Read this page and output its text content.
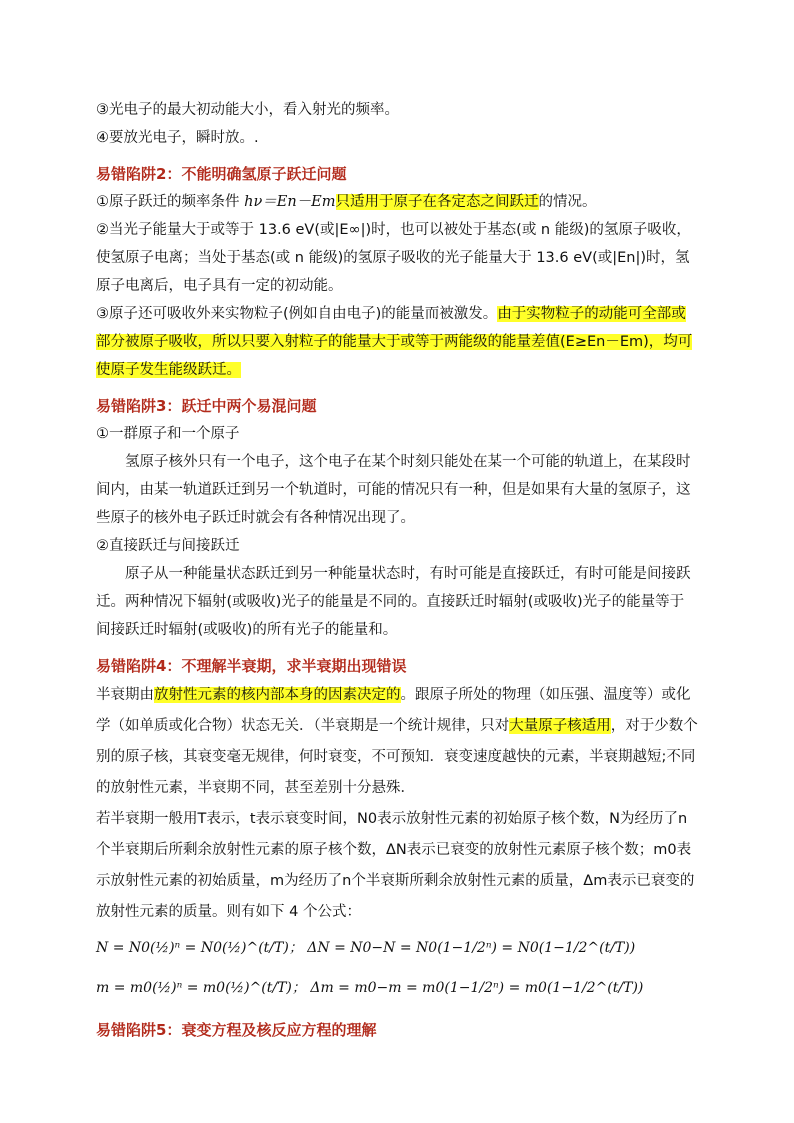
③光电子的最大初动能大小，看入射光的频率。
④要放光电子，瞬时放。.
易错陷阱2：不能明确氢原子跃迁问题
①原子跃迁的频率条件 hν＝En－Em只适用于原子在各定态之间跃迁的情况。
②当光子能量大于或等于 13.6 eV(或|E∞|)时，也可以被处于基态(或 n 能级)的氢原子吸收，使氢原子电离；当处于基态(或 n 能级)的氢原子吸收的光子能量大于 13.6 eV(或|En|)时，氢原子电离后，电子具有一定的初动能。
③原子还可吸收外来实物粒子(例如自由电子)的能量而被激发。由于实物粒子的动能可全部或部分被原子吸收，所以只要入射粒子的能量大于或等于两能级的能量差值(E≥En－Em)，均可使原子发生能级跃迁。
易错陷阱3：跃迁中两个易混问题
①一群原子和一个原子
氢原子核外只有一个电子，这个电子在某个时刻只能处在某一个可能的轨道上，在某段时间内，由某一轨道跃迁到另一个轨道时，可能的情况只有一种，但是如果有大量的氢原子，这些原子的核外电子跃迁时就会有各种情况出现了。
②直接跃迁与间接跃迁
原子从一种能量状态跃迁到另一种能量状态时，有时可能是直接跃迁，有时可能是间接跃迁。两种情况下辐射(或吸收)光子的能量是不同的。直接跃迁时辐射(或吸收)光子的能量等于间接跃迁时辐射(或吸收)的所有光子的能量和。
易错陷阱4：不理解半衰期，求半衰期出现错误
半衰期由放射性元素的核内部本身的因素决定的。跟原子所处的物理（如压强、温度等）或化学（如单质或化合物）状态无关．（半衰期是一个统计规律，只对大量原子核适用，对于少数个别的原子核，其衰变毫无规律，何时衰变，不可预知．衰变速度越快的元素，半衰期越短;不同的放射性元素，半衰期不同，甚至差别十分悬殊．
若半衰期一般用T表示，t表示衰变时间，N0表示放射性元素的初始原子核个数，N为经历了n个半衰期后所剩余放射性元素的原子核个数，ΔN表示已衰变的放射性元素原子核个数；m0表示放射性元素的初始质量，m为经历了n个半衰斯所剩余放射性元素的质量，Δm表示已衰变的放射性元素的质量。则有如下 4 个公式：
N = N0(½)ⁿ = N0(½)^(t/T)； ΔN = N0−N = N0(1−1/2ⁿ) = N0(1−1/2^(t/T))
m = m0(½)ⁿ = m0(½)^(t/T)； Δm = m0−m = m0(1−1/2ⁿ) = m0(1−1/2^(t/T))
易错陷阱5：衰变方程及核反应方程的理解
